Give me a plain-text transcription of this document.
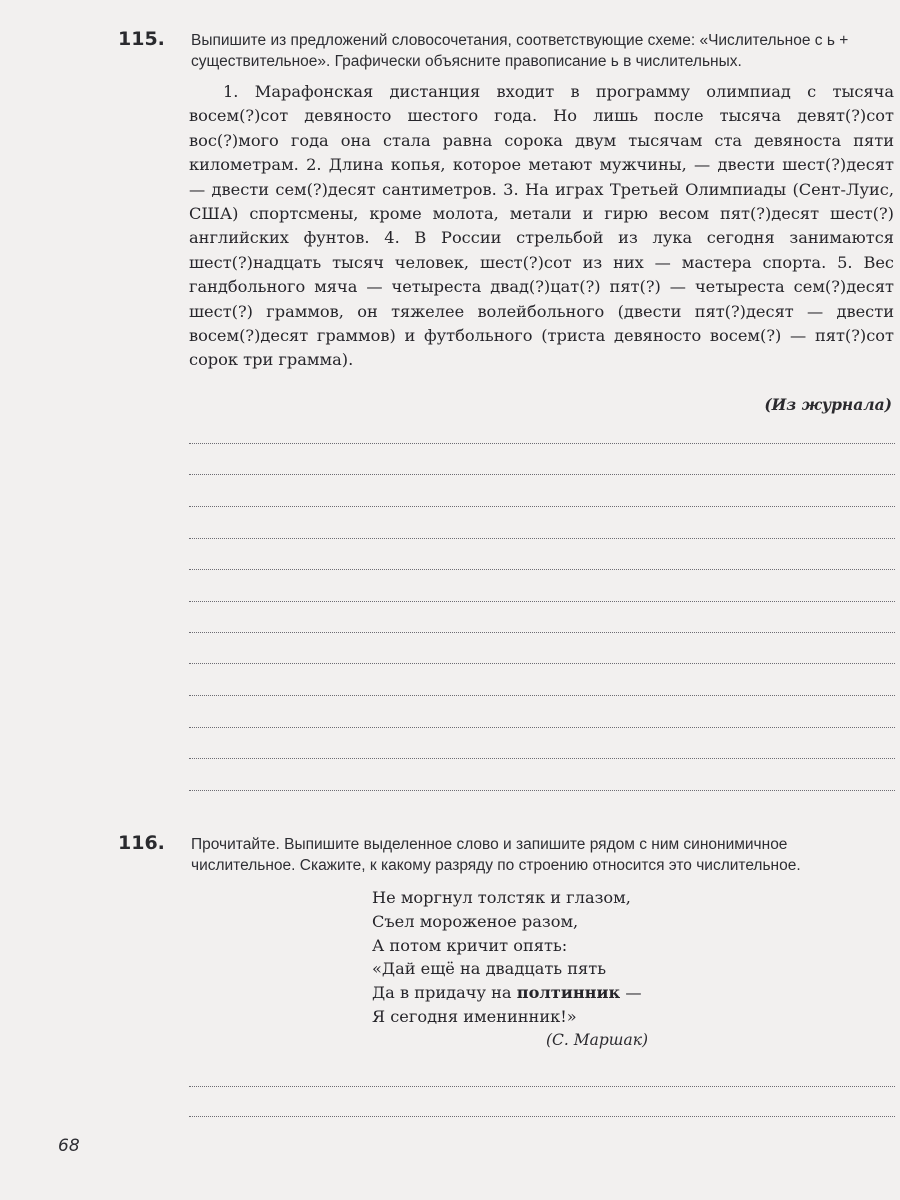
115. Выпишите из предложений словосочетания, соответствующие схеме: «Числительное с ь + существительное». Графически объясните правописание ь в числительных.

1. Марафонская дистанция входит в программу олимпиад с тысяча восем(?)сот девяносто шестого года. Но лишь после тысяча девят(?)сот вос(?)мого года она стала равна сорока двум тысячам ста девяноста пяти километрам. 2. Длина копья, которое метают мужчины, — двести шест(?)десят — двести сем(?)десят сантиметров. 3. На играх Третьей Олимпиады (Сент-Луис, США) спортсмены, кроме молота, метали и гирю весом пят(?)десят шест(?) английских фунтов. 4. В России стрельбой из лука сегодня занимаются шест(?)надцать тысяч человек, шест(?)сот из них — мастера спорта. 5. Вес гандбольного мяча — четыреста двад(?)цат(?) пят(?) — четыреста сем(?)десят шест(?) граммов, он тяжелее волейбольного (двести пят(?)десят — двести восем(?)десят граммов) и футбольного (триста девяносто восем(?) — пят(?)сот сорок три грамма).

(Из журнала)
116. Прочитайте. Выпишите выделенное слово и запишите рядом с ним синонимичное числительное. Скажите, к какому разряду по строению относится это числительное.
Не моргнул толстяк и глазом,
Съел мороженое разом,
А потом кричит опять:
«Дай ещё на двадцать пять
Да в придачу на полтинник —
Я сегодня именинник!»
(С. Маршак)
68
